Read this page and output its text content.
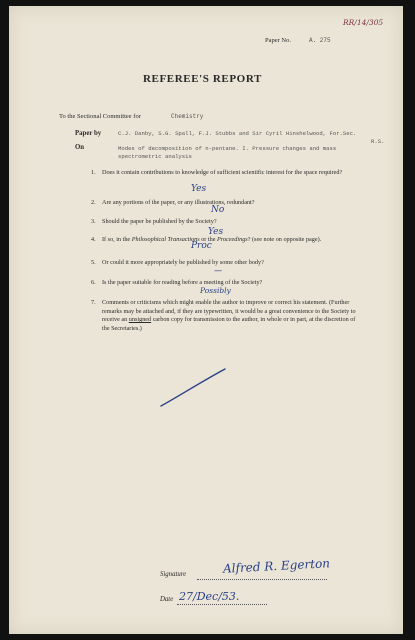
RR/14/305
Paper No.	A. 275
REFEREE'S REPORT
To the Sectional Committee for	Chemistry
Paper by	C.J. Danby, S.G. Spall, F.J. Stubbs and Sir Cyril Hinshelwood, For.Sec.
R.S.
On	Modes of decomposition of n-pentane. I. Pressure changes and mass
spectrometric analysis
1. Does it contain contributions to knowledge of sufficient scientific interest for the space required?
Yes
2. Are any portions of the paper, or any illustrations, redundant?
No
3. Should the paper be published by the Society?
Yes
4. If so, in the Philosophical Transactions or the Proceedings? (see note on opposite page).
Proc
5. Or could it more appropriately be published by some other body?
—
6. Is the paper suitable for reading before a meeting of the Society?
Possibly
7. Comments or criticisms which might enable the author to improve or correct his statement. (Further remarks may be attached and, if they are typewritten, it would be a great convenience to the Society to receive an unsigned carbon copy for transmission to the author, in whole or in part, at the discretion of the Secretaries.)
Signature	Alfred R. Egerton
Date 27/Dec/53.
